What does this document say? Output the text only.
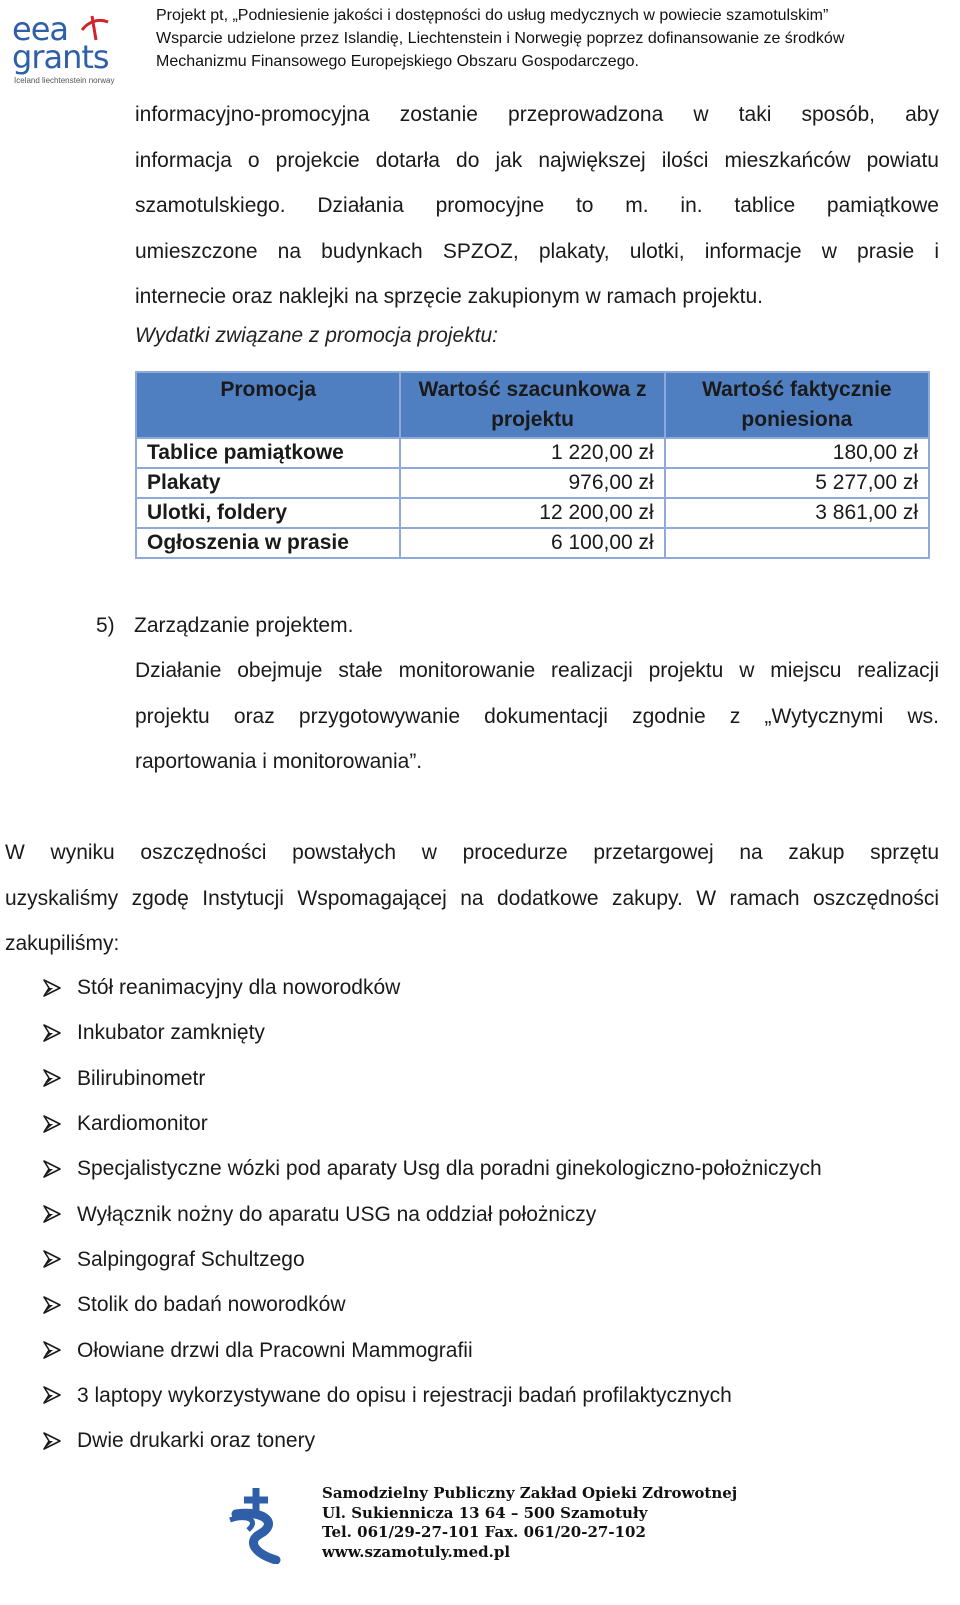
eea
grants
Iceland liechtenstein norway
Projekt pt, „Podniesienie jakości i dostępności do usług medycznych w powiecie szamotulskim”
Wsparcie udzielone przez Islandię, Liechtenstein i Norwegię poprzez dofinansowanie ze środków
Mechanizmu Finansowego Europejskiego Obszaru Gospodarczego.
informacyjno-promocyjna zostanie przeprowadzona w taki sposób, aby
informacja o projekcie dotarła do jak największej ilości mieszkańców powiatu
szamotulskiego. Działania promocyjne to m. in. tablice pamiątkowe
umieszczone na budynkach SPZOZ, plakaty, ulotki, informacje w prasie i
internecie oraz naklejki na sprzęcie zakupionym w ramach projektu.
Wydatki związane z promocja projektu:
Promocja	Wartość szacunkowa z projektu	Wartość faktycznie poniesiona
Tablice pamiątkowe	1 220,00 zł	180,00 zł
Plakaty	976,00 zł	5 277,00 zł
Ulotki, foldery	12 200,00 zł	3 861,00 zł
Ogłoszenia w prasie	6 100,00 zł	
5) Zarządzanie projektem.
Działanie obejmuje stałe monitorowanie realizacji projektu w miejscu realizacji
projektu oraz przygotowywanie dokumentacji zgodnie z „Wytycznymi ws.
raportowania i monitorowania”.
W wyniku oszczędności powstałych w procedurze przetargowej na zakup sprzętu
uzyskaliśmy zgodę Instytucji Wspomagającej na dodatkowe zakupy. W ramach oszczędności
zakupiliśmy:
Stół reanimacyjny dla noworodków
Inkubator zamknięty
Bilirubinometr
Kardiomonitor
Specjalistyczne wózki pod aparaty Usg dla poradni ginekologiczno-położniczych
Wyłącznik nożny do aparatu USG na oddział położniczy
Salpingograf Schultzego
Stolik do badań noworodków
Ołowiane drzwi dla Pracowni Mammografii
3 laptopy wykorzystywane do opisu i rejestracji badań profilaktycznych
Dwie drukarki oraz tonery
Samodzielny Publiczny Zakład Opieki Zdrowotnej
Ul. Sukiennicza 13 64 – 500 Szamotuły
Tel. 061/29-27-101 Fax. 061/20-27-102
www.szamotuly.med.pl
